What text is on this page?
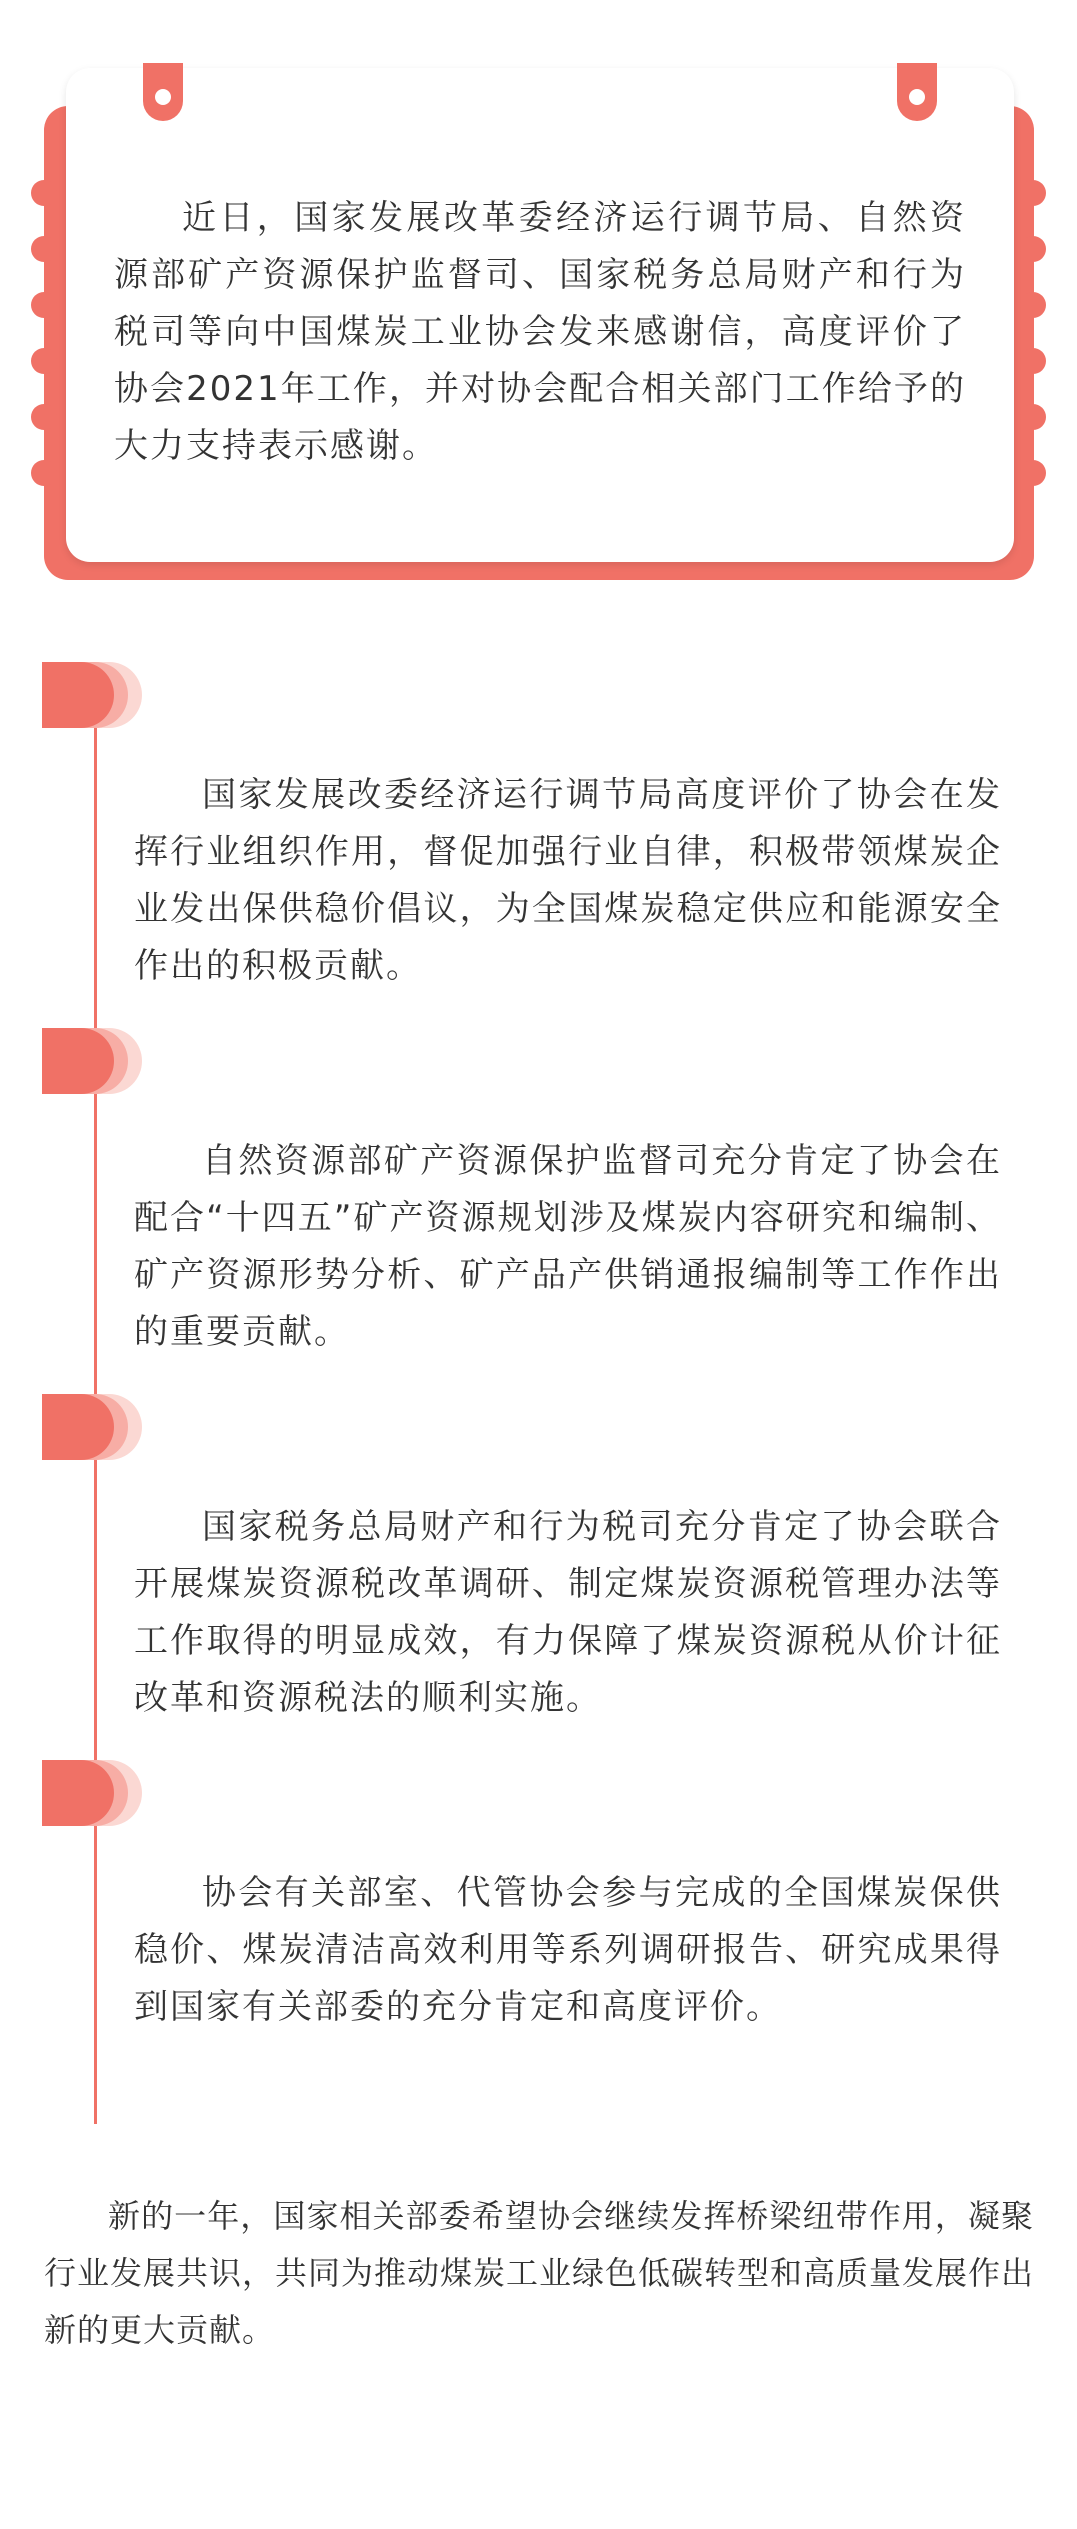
近日，国家发展改革委经济运行调节局、自然资源部矿产资源保护监督司、国家税务总局财产和行为税司等向中国煤炭工业协会发来感谢信，高度评价了协会2021年工作，并对协会配合相关部门工作给予的大力支持表示感谢。

国家发展改委经济运行调节局高度评价了协会在发挥行业组织作用，督促加强行业自律，积极带领煤炭企业发出保供稳价倡议，为全国煤炭稳定供应和能源安全作出的积极贡献。

自然资源部矿产资源保护监督司充分肯定了协会在配合“十四五”矿产资源规划涉及煤炭内容研究和编制、矿产资源形势分析、矿产品产供销通报编制等工作作出的重要贡献。

国家税务总局财产和行为税司充分肯定了协会联合开展煤炭资源税改革调研、制定煤炭资源税管理办法等工作取得的明显成效，有力保障了煤炭资源税从价计征改革和资源税法的顺利实施。

协会有关部室、代管协会参与完成的全国煤炭保供稳价、煤炭清洁高效利用等系列调研报告、研究成果得到国家有关部委的充分肯定和高度评价。

新的一年，国家相关部委希望协会继续发挥桥梁纽带作用，凝聚行业发展共识，共同为推动煤炭工业绿色低碳转型和高质量发展作出新的更大贡献。
